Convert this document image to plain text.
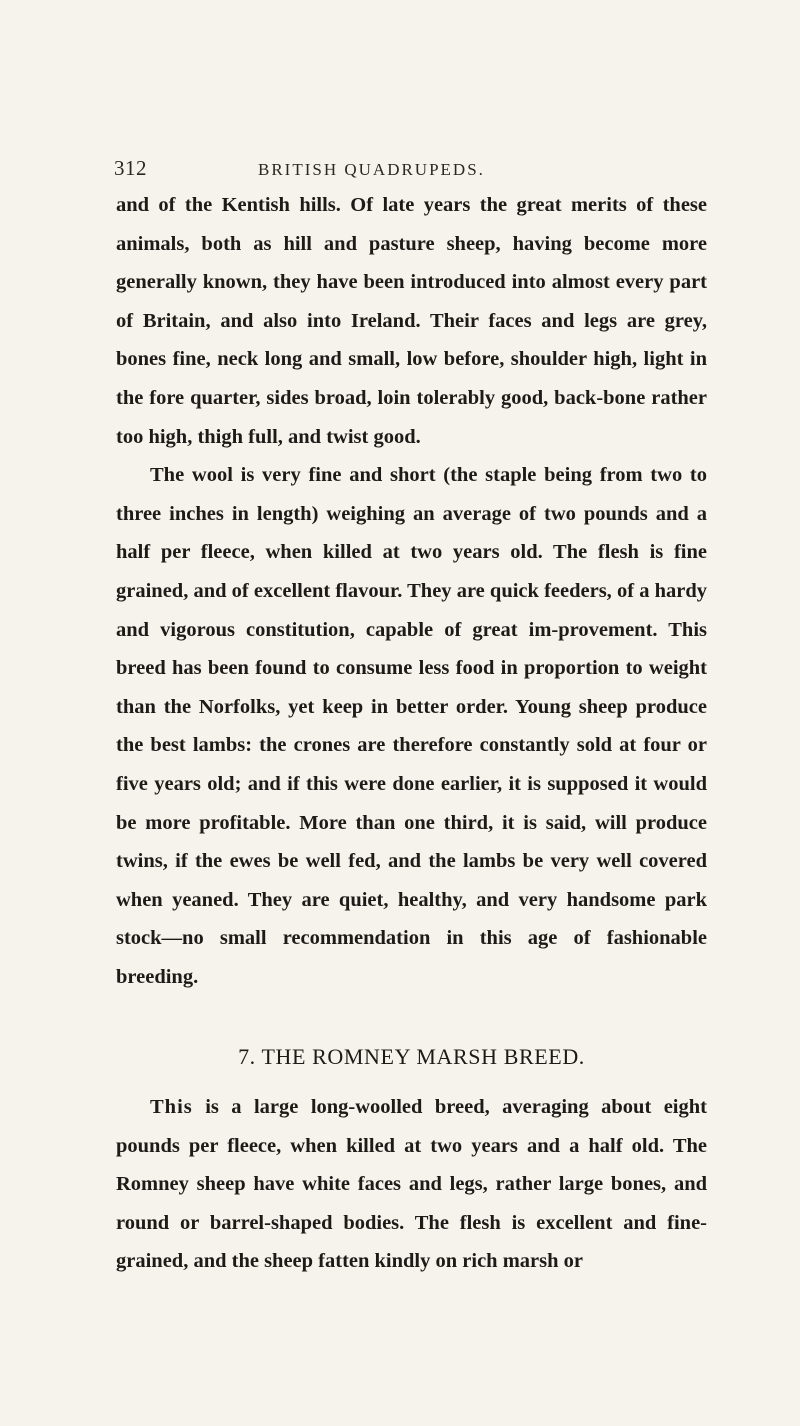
312	BRITISH QUADRUPEDS.

and of the Kentish hills. Of late years the great merits of these animals, both as hill and pasture sheep, having become more generally known, they have been introduced into almost every part of Britain, and also into Ireland. Their faces and legs are grey, bones fine, neck long and small, low before, shoulder high, light in the fore quarter, sides broad, loin tolerably good, back-bone rather too high, thigh full, and twist good.

The wool is very fine and short (the staple being from two to three inches in length) weighing an average of two pounds and a half per fleece, when killed at two years old. The flesh is fine grained, and of excellent flavour. They are quick feeders, of a hardy and vigorous constitution, capable of great im-provement. This breed has been found to consume less food in proportion to weight than the Norfolks, yet keep in better order. Young sheep produce the best lambs: the crones are therefore constantly sold at four or five years old; and if this were done earlier, it is supposed it would be more profitable. More than one third, it is said, will produce twins, if the ewes be well fed, and the lambs be very well covered when yeaned. They are quiet, healthy, and very handsome park stock—no small recommendation in this age of fashionable breeding.

7. THE ROMNEY MARSH BREED.

This is a large long-woolled breed, averaging about eight pounds per fleece, when killed at two years and a half old. The Romney sheep have white faces and legs, rather large bones, and round or barrel-shaped bodies. The flesh is excellent and fine-grained, and the sheep fatten kindly on rich marsh or
